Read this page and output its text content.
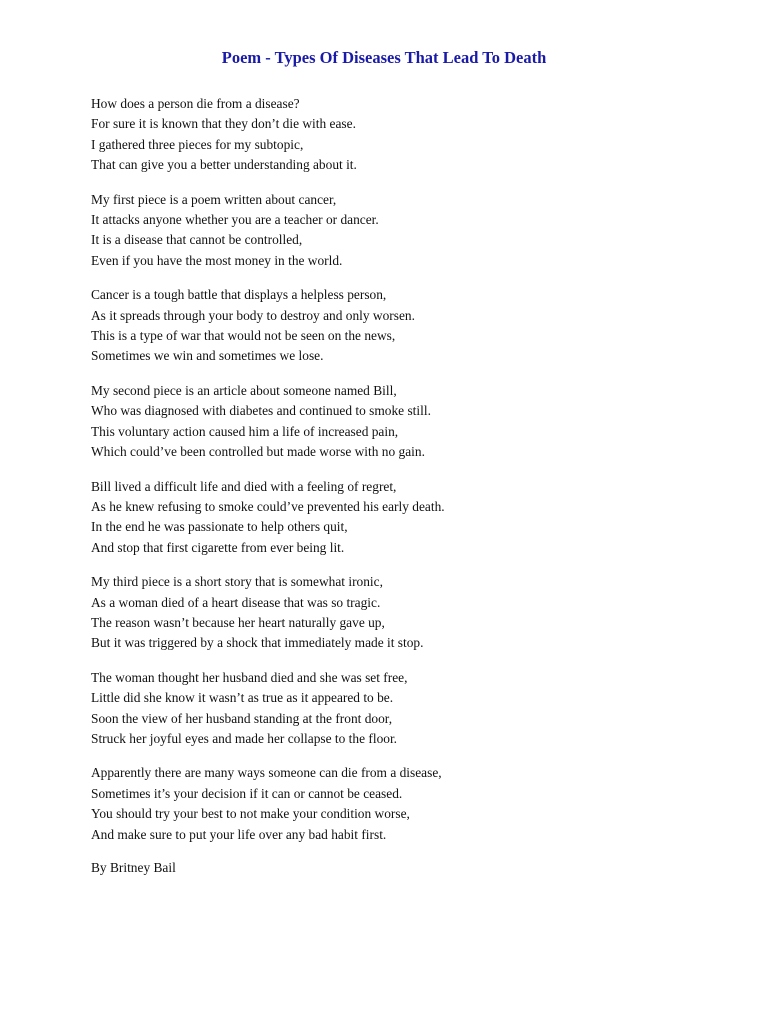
Poem - Types Of Diseases That Lead To Death
How does a person die from a disease?
For sure it is known that they don’t die with ease.
I gathered three pieces for my subtopic,
That can give you a better understanding about it.
My first piece is a poem written about cancer,
It attacks anyone whether you are a teacher or dancer.
It is a disease that cannot be controlled,
Even if you have the most money in the world.
Cancer is a tough battle that displays a helpless person,
As it spreads through your body to destroy and only worsen.
This is a type of war that would not be seen on the news,
Sometimes we win and sometimes we lose.
My second piece is an article about someone named Bill,
Who was diagnosed with diabetes and continued to smoke still.
This voluntary action caused him a life of increased pain,
Which could’ve been controlled but made worse with no gain.
Bill lived a difficult life and died with a feeling of regret,
As he knew refusing to smoke could’ve prevented his early death.
In the end he was passionate to help others quit,
And stop that first cigarette from ever being lit.
My third piece is a short story that is somewhat ironic,
As a woman died of a heart disease that was so tragic.
The reason wasn’t because her heart naturally gave up,
But it was triggered by a shock that immediately made it stop.
The woman thought her husband died and she was set free,
Little did she know it wasn’t as true as it appeared to be.
Soon the view of her husband standing at the front door,
Struck her joyful eyes and made her collapse to the floor.
Apparently there are many ways someone can die from a disease,
Sometimes it’s your decision if it can or cannot be ceased.
You should try your best to not make your condition worse,
And make sure to put your life over any bad habit first.
By Britney Bail
